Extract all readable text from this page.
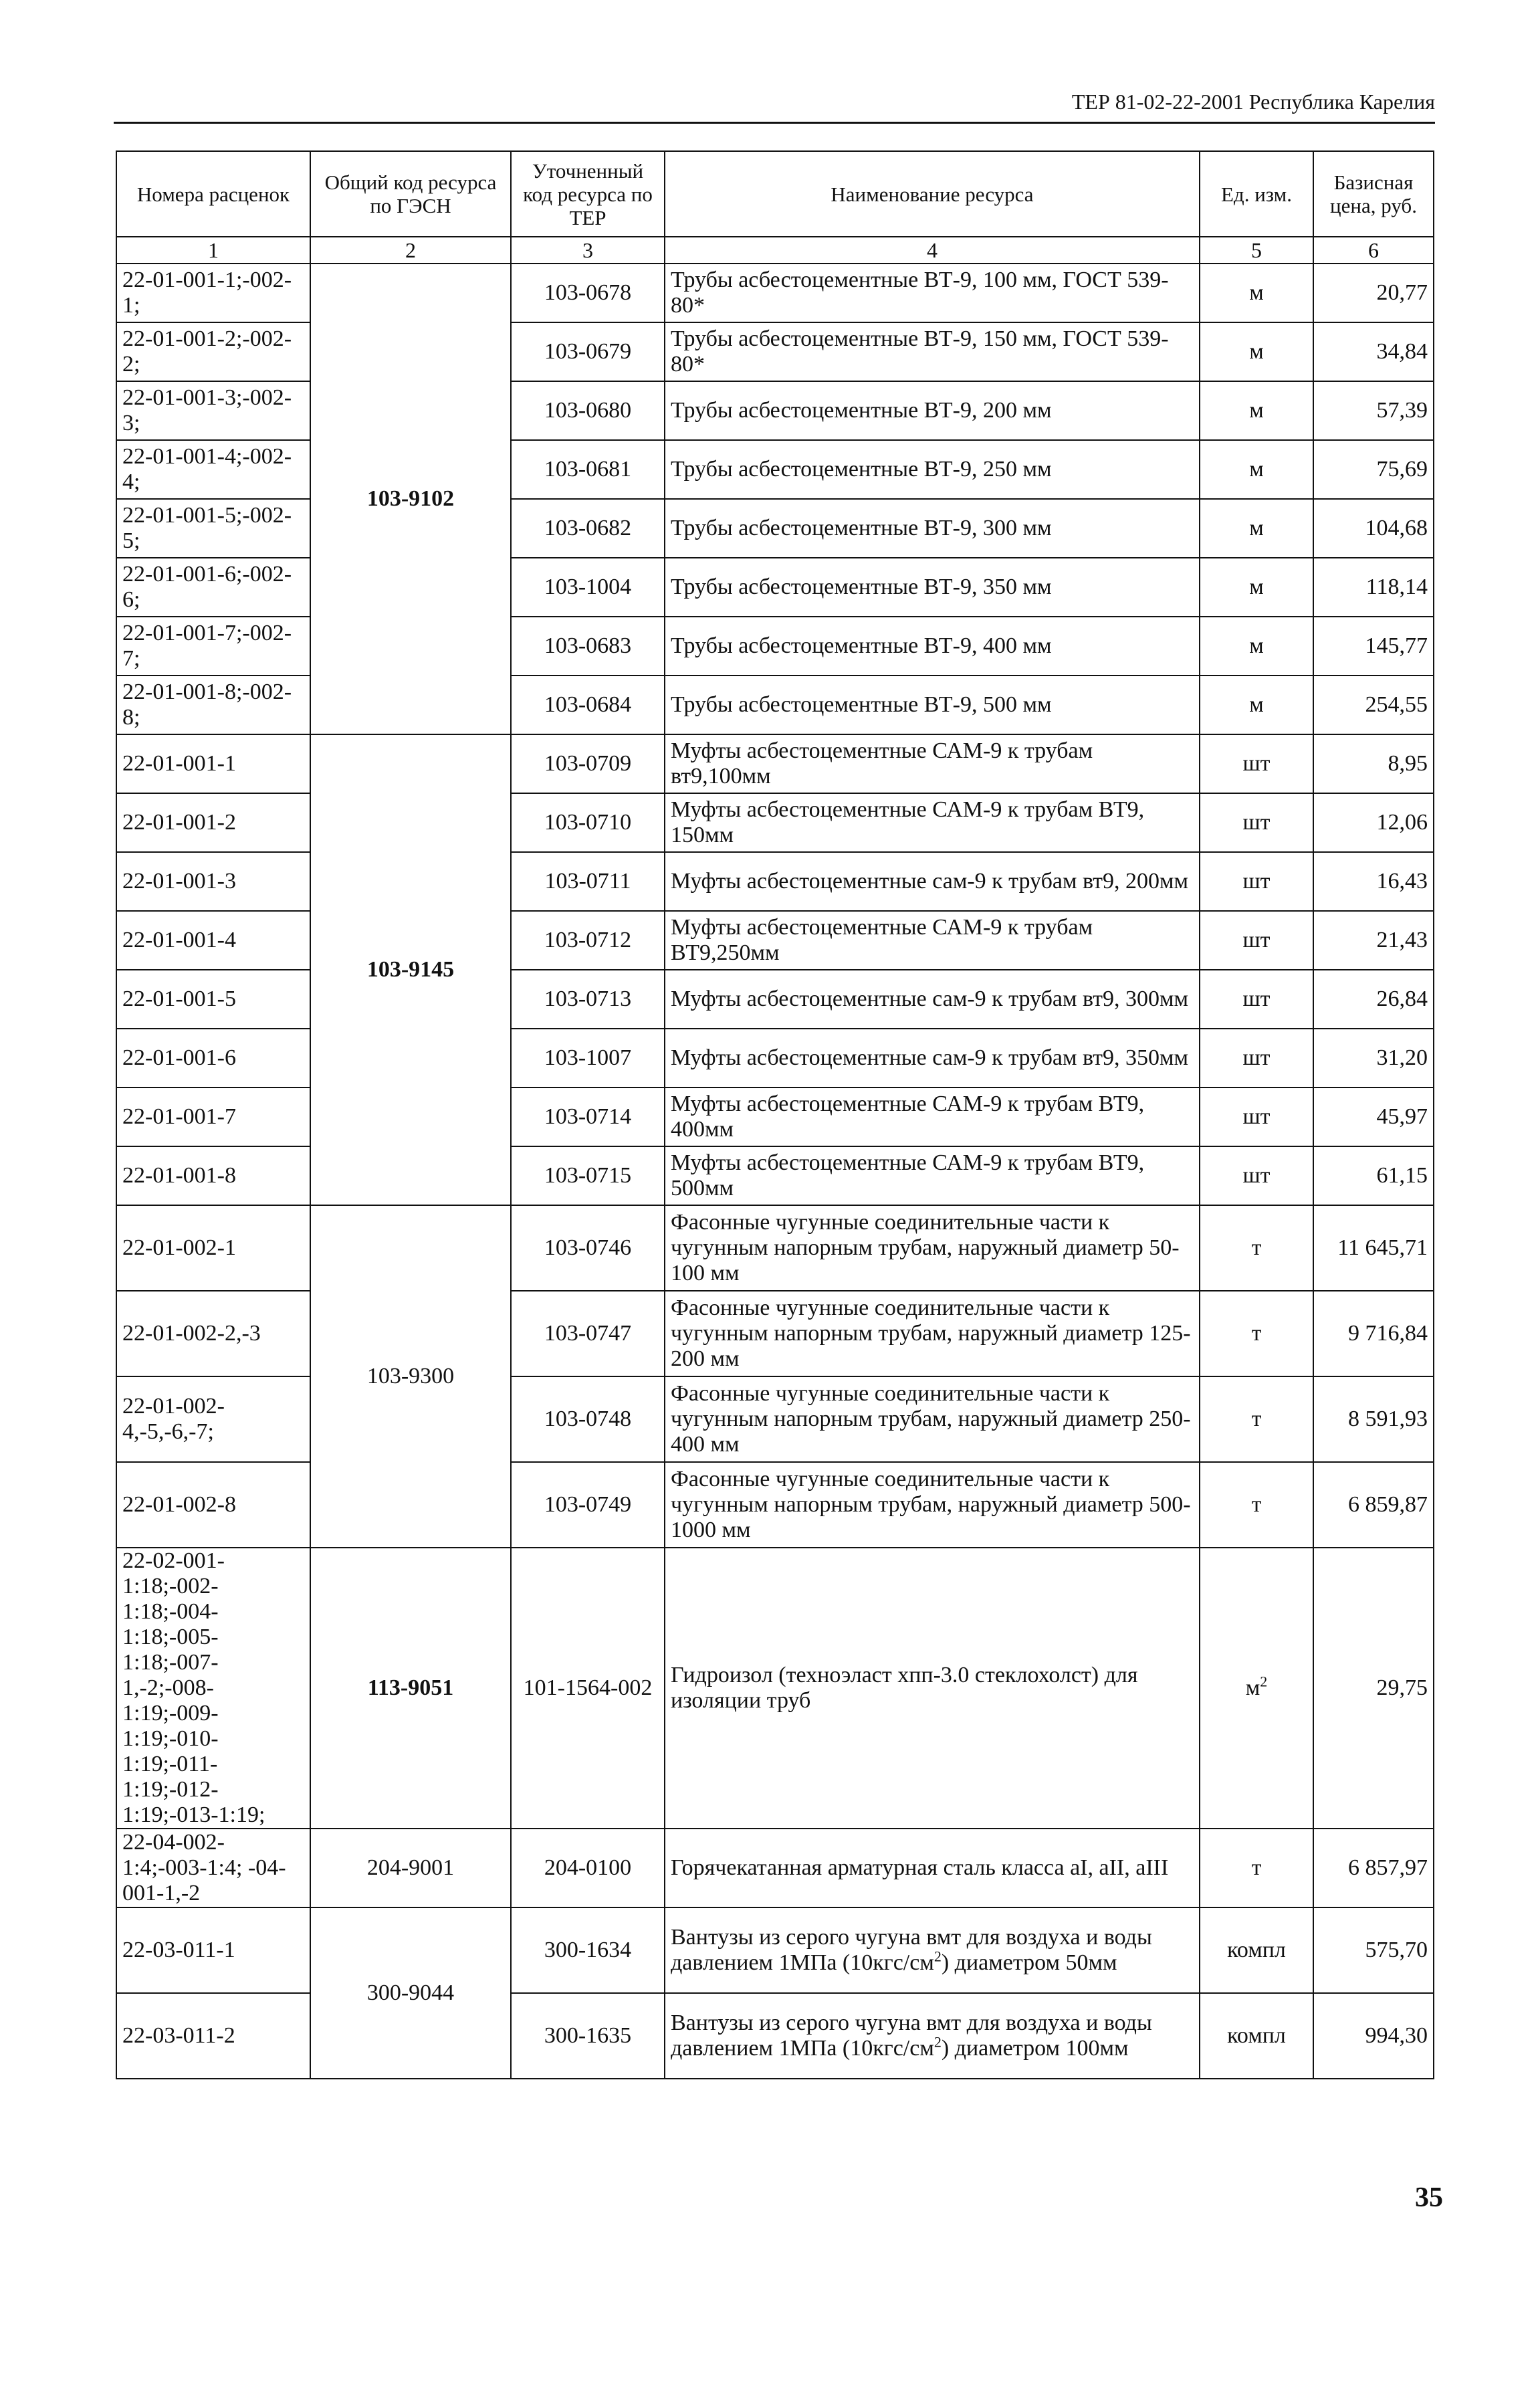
ТЕР 81-02-22-2001 Республика Карелия
Номера расценок	Общий код ресурса по ГЭСН	Уточненный код ресурса по ТЕР	Наименование ресурса	Ед. изм.	Базисная цена, руб.
1	2	3	4	5	6
22-01-001-1;-002-1;	103-9102	103-0678	Трубы асбестоцементные ВТ-9, 100 мм, ГОСТ 539-80*	м	20,77
22-01-001-2;-002-2;		103-0679	Трубы асбестоцементные ВТ-9, 150 мм, ГОСТ 539-80*	м	34,84
22-01-001-3;-002-3;		103-0680	Трубы асбестоцементные ВТ-9, 200 мм	м	57,39
22-01-001-4;-002-4;		103-0681	Трубы асбестоцементные ВТ-9, 250 мм	м	75,69
22-01-001-5;-002-5;		103-0682	Трубы асбестоцементные ВТ-9, 300 мм	м	104,68
22-01-001-6;-002-6;		103-1004	Трубы асбестоцементные ВТ-9, 350 мм	м	118,14
22-01-001-7;-002-7;		103-0683	Трубы асбестоцементные ВТ-9, 400 мм	м	145,77
22-01-001-8;-002-8;		103-0684	Трубы асбестоцементные ВТ-9, 500 мм	м	254,55
22-01-001-1	103-9145	103-0709	Муфты асбестоцементные САМ-9 к трубам вт9,100мм	шт	8,95
22-01-001-2		103-0710	Муфты асбестоцементные САМ-9 к трубам ВТ9, 150мм	шт	12,06
22-01-001-3		103-0711	Муфты асбестоцементные сам-9 к трубам вт9, 200мм	шт	16,43
22-01-001-4		103-0712	Муфты асбестоцементные САМ-9 к трубам ВТ9,250мм	шт	21,43
22-01-001-5		103-0713	Муфты асбестоцементные сам-9 к трубам вт9, 300мм	шт	26,84
22-01-001-6		103-1007	Муфты асбестоцементные сам-9 к трубам вт9, 350мм	шт	31,20
22-01-001-7		103-0714	Муфты асбестоцементные САМ-9 к трубам ВТ9, 400мм	шт	45,97
22-01-001-8		103-0715	Муфты асбестоцементные САМ-9 к трубам ВТ9, 500мм	шт	61,15
22-01-002-1	103-9300	103-0746	Фасонные чугунные соединительные части к чугунным напорным трубам, наружный диаметр 50-100 мм	т	11 645,71
22-01-002-2,-3		103-0747	Фасонные чугунные соединительные части к чугунным напорным трубам, наружный диаметр 125-200 мм	т	9 716,84
22-01-002-4,-5,-6,-7;		103-0748	Фасонные чугунные соединительные части к чугунным напорным трубам, наружный диаметр 250-400 мм	т	8 591,93
22-01-002-8		103-0749	Фасонные чугунные соединительные части к чугунным напорным трубам, наружный диаметр 500-1000 мм	т	6 859,87
22-02-001-1:18;-002-1:18;-004-1:18;-005-1:18;-007-1,-2;-008-1:19;-009-1:19;-010-1:19;-011-1:19;-012-1:19;-013-1:19;	113-9051	101-1564-002	Гидроизол (техноэласт хпп-3.0 стеклохолст) для изоляции труб	$м^2$	29,75
22-04-002-1:4;-003-1:4; -04-001-1,-2	204-9001	204-0100	Горячекатанная арматурная сталь класса aI, aII, aIII	т	6 857,97
22-03-011-1	300-9044	300-1634	Вантузы из серого чугуна вмт для воздуха и воды давлением 1МПа $(10кгс/см^2)$ диаметром 50мм	компл	575,70
22-03-011-2		300-1635	Вантузы из серого чугуна вмт для воздуха и воды давлением 1МПа $(10кгс/см^2)$ диаметром 100мм	компл	994,30
35
